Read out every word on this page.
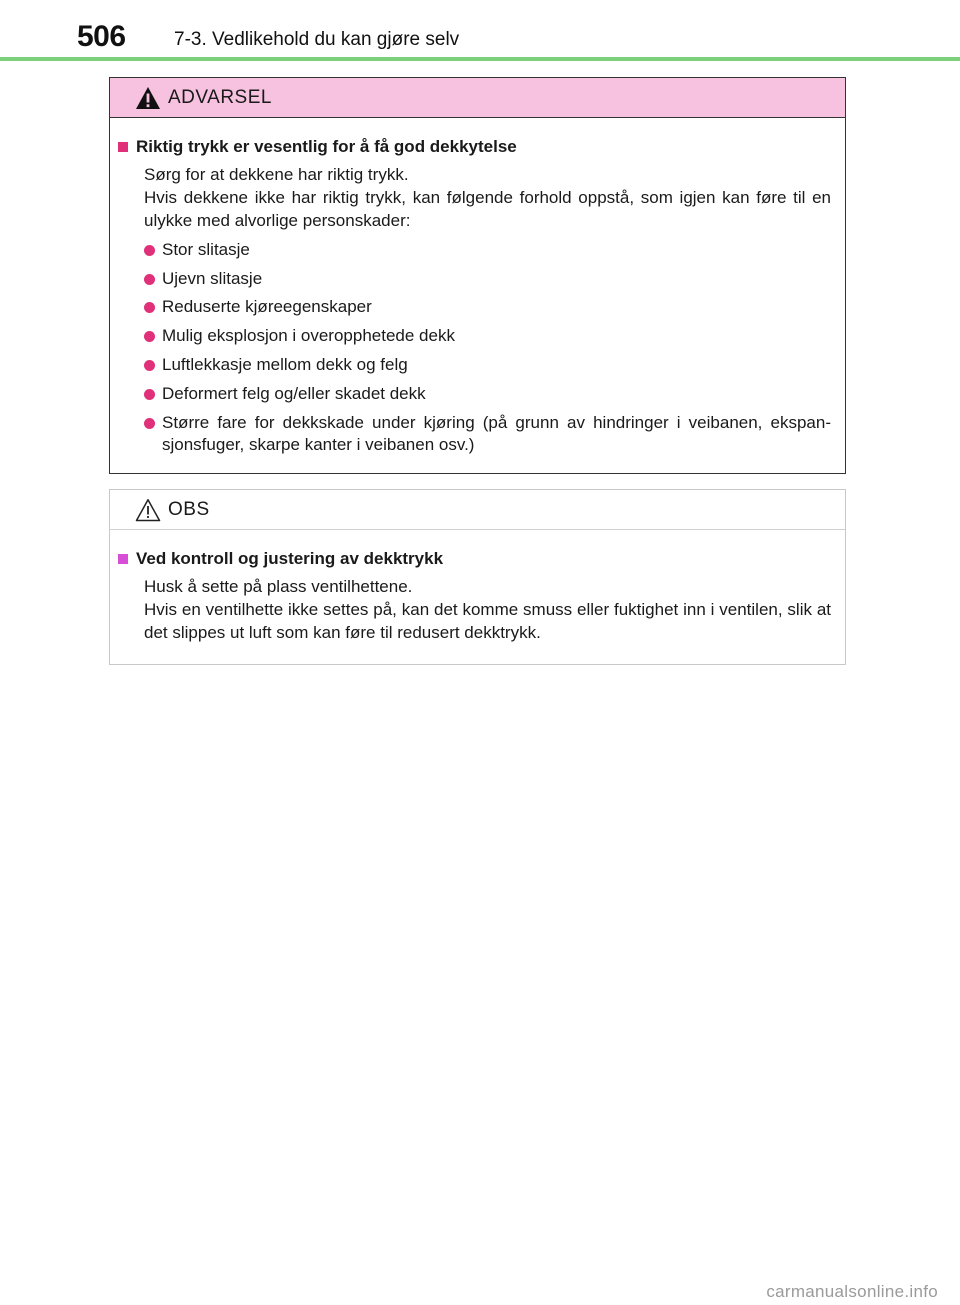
506	7-3. Vedlikehold du kan gjøre selv
ADVARSEL
Riktig trykk er vesentlig for å få god dekkytelse

Sørg for at dekkene har riktig trykk.

Hvis dekkene ikke har riktig trykk, kan følgende forhold oppstå, som igjen kan føre til en ulykke med alvorlige personskader:

Stor slitasje
Ujevn slitasje
Reduserte kjøreegenskaper
Mulig eksplosjon i overopphetede dekk
Luftlekkasje mellom dekk og felg
Deformert felg og/eller skadet dekk
Større fare for dekkskade under kjøring (på grunn av hindringer i veibanen, ekspan-sjonsfuger, skarpe kanter i veibanen osv.)
OBS
Ved kontroll og justering av dekktrykk

Husk å sette på plass ventilhettene.

Hvis en ventilhette ikke settes på, kan det komme smuss eller fuktighet inn i ventilen, slik at det slippes ut luft som kan føre til redusert dekktrykk.

carmanualsonline.info
